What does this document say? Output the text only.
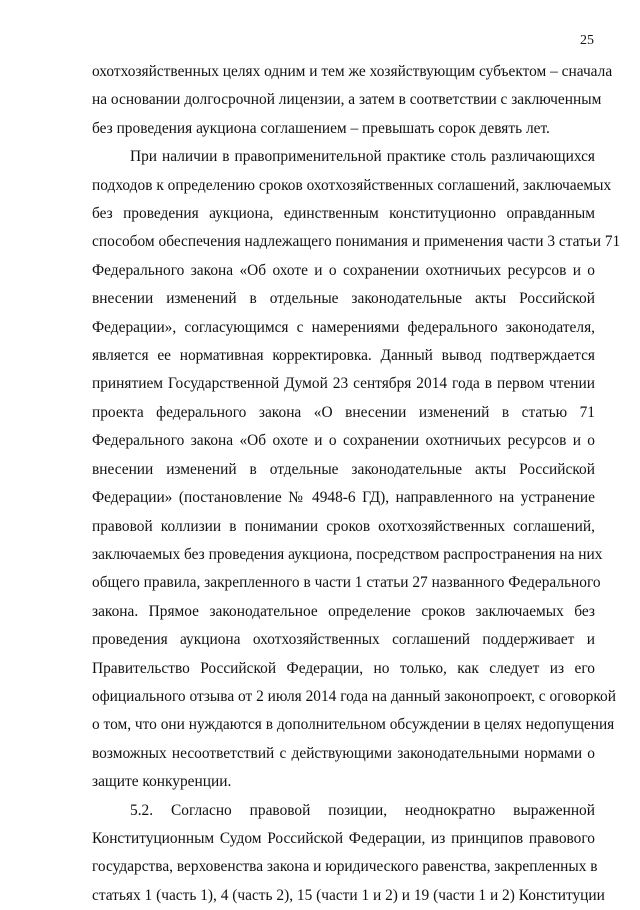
25
охотхозяйственных целях одним и тем же хозяйствующим субъектом – сначала
на основании долгосрочной лицензии, а затем в соответствии с заключенным
без проведения аукциона соглашением – превышать сорок девять лет.
При наличии в правоприменительной практике столь различающихся
подходов к определению сроков охотхозяйственных соглашений, заключаемых
без проведения аукциона, единственным конституционно оправданным
способом обеспечения надлежащего понимания и применения части 3 статьи 71
Федерального закона «Об охоте и о сохранении охотничьих ресурсов и о
внесении изменений в отдельные законодательные акты Российской
Федерации», согласующимся с намерениями федерального законодателя,
является ее нормативная корректировка. Данный вывод подтверждается
принятием Государственной Думой 23 сентября 2014 года в первом чтении
проекта федерального закона «О внесении изменений в статью 71
Федерального закона «Об охоте и о сохранении охотничьих ресурсов и о
внесении изменений в отдельные законодательные акты Российской
Федерации» (постановление № 4948-6 ГД), направленного на устранение
правовой коллизии в понимании сроков охотхозяйственных соглашений,
заключаемых без проведения аукциона, посредством распространения на них
общего правила, закрепленного в части 1 статьи 27 названного Федерального
закона. Прямое законодательное определение сроков заключаемых без
проведения аукциона охотхозяйственных соглашений поддерживает и
Правительство Российской Федерации, но только, как следует из его
официального отзыва от 2 июля 2014 года на данный законопроект, с оговоркой
о том, что они нуждаются в дополнительном обсуждении в целях недопущения
возможных несоответствий с действующими законодательными нормами о
защите конкуренции.
5.2. Согласно правовой позиции, неоднократно выраженной
Конституционным Судом Российской Федерации, из принципов правового
государства, верховенства закона и юридического равенства, закрепленных в
статьях 1 (часть 1), 4 (часть 2), 15 (части 1 и 2) и 19 (части 1 и 2) Конституции
